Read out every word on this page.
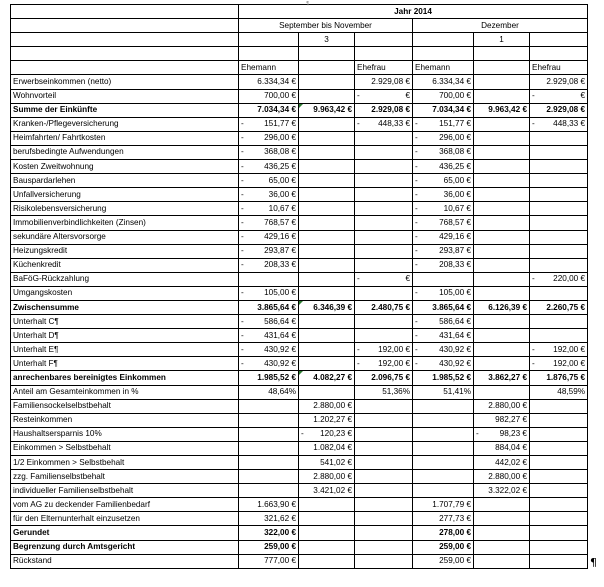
¶
	Jahr 2014					
	September bis November			Dezember		
		3			1	

	Ehemann		Ehefrau	Ehemann		Ehefrau
Erwerbseinkommen (netto)	6.334,34 €		2.929,08 €	6.334,34 €		2.929,08 €

Wohnvorteil	700,00 €		- €	700,00 €		- €

Summe der Einkünfte	7.034,34 €	9.963,42 €	2.929,08 €	7.034,34 €	9.963,42 €	2.929,08 €

Kranken-/Pflegeversicherung	- 151,77 €		- 448,33 €	- 151,77 €		- 448,33 €

Heimfahrten/ Fahrtkosten	- 296,00 €			- 296,00 €		

berufsbedingte Aufwendungen	- 368,08 €			- 368,08 €		

Kosten Zweitwohnung	- 436,25 €			- 436,25 €		

Bauspardarlehen	- 65,00 €			- 65,00 €		

Unfallversicherung	- 36,00 €			- 36,00 €		

Risikolebensversicherung	- 10,67 €			- 10,67 €		

Immobilienverbindlichkeiten (Zinsen)	- 768,57 €			- 768,57 €		

sekundäre Altersvorsorge	- 429,16 €			- 429,16 €		

Heizungskredit	- 293,87 €			- 293,87 €		

Küchenkredit	- 208,33 €			- 208,33 €		

BaFöG-Rückzahlung			- €			- 220,00 €

Umgangskosten	- 105,00 €			- 105,00 €		

Zwischensumme	3.865,64 €	6.346,39 €	2.480,75 €	3.865,64 €	6.126,39 €	2.260,75 €

Unterhalt C¶	- 586,64 €			- 586,64 €		

Unterhalt D¶	- 431,64 €			- 431,64 €		

Unterhalt E¶	- 430,92 €		- 192,00 €	- 430,92 €		- 192,00 €

Unterhalt F¶	- 430,92 €		- 192,00 €	- 430,92 €		- 192,00 €

anrechenbares bereinigtes Einkommen	1.985,52 €	4.082,27 €	2.096,75 €	1.985,52 €	3.862,27 €	1.876,75 €

Anteil am Gesamteinkommen in %	48,64%		51,36%	51,41%		48,59%

Familiensockelselbstbehalt		2.880,00 €			2.880,00 €	

Resteinkommen		1.202,27 €			982,27 €	

Haushaltsersparnis 10%		- 120,23 €			- 98,23 €	

Einkommen > Selbstbehalt		1.082,04 €			884,04 €	

1/2 Einkommen > Selbstbehalt		541,02 €			442,02 €	

zzg. Familienselbstbehalt		2.880,00 €			2.880,00 €	

individueller Familienselbstbehalt		3.421,02 €			3.322,02 €	

vom AG zu deckender Familienbedarf	1.663,90 €			1.707,79 €		

für den Elternunterhalt einzusetzen	321,62 €			277,73 €		

Gerundet	322,00 €			278,00 €		

Begrenzung durch Amtsgericht	259,00 €			259,00 €		

Rückstand	777,00 €			259,00 €		

		¶
